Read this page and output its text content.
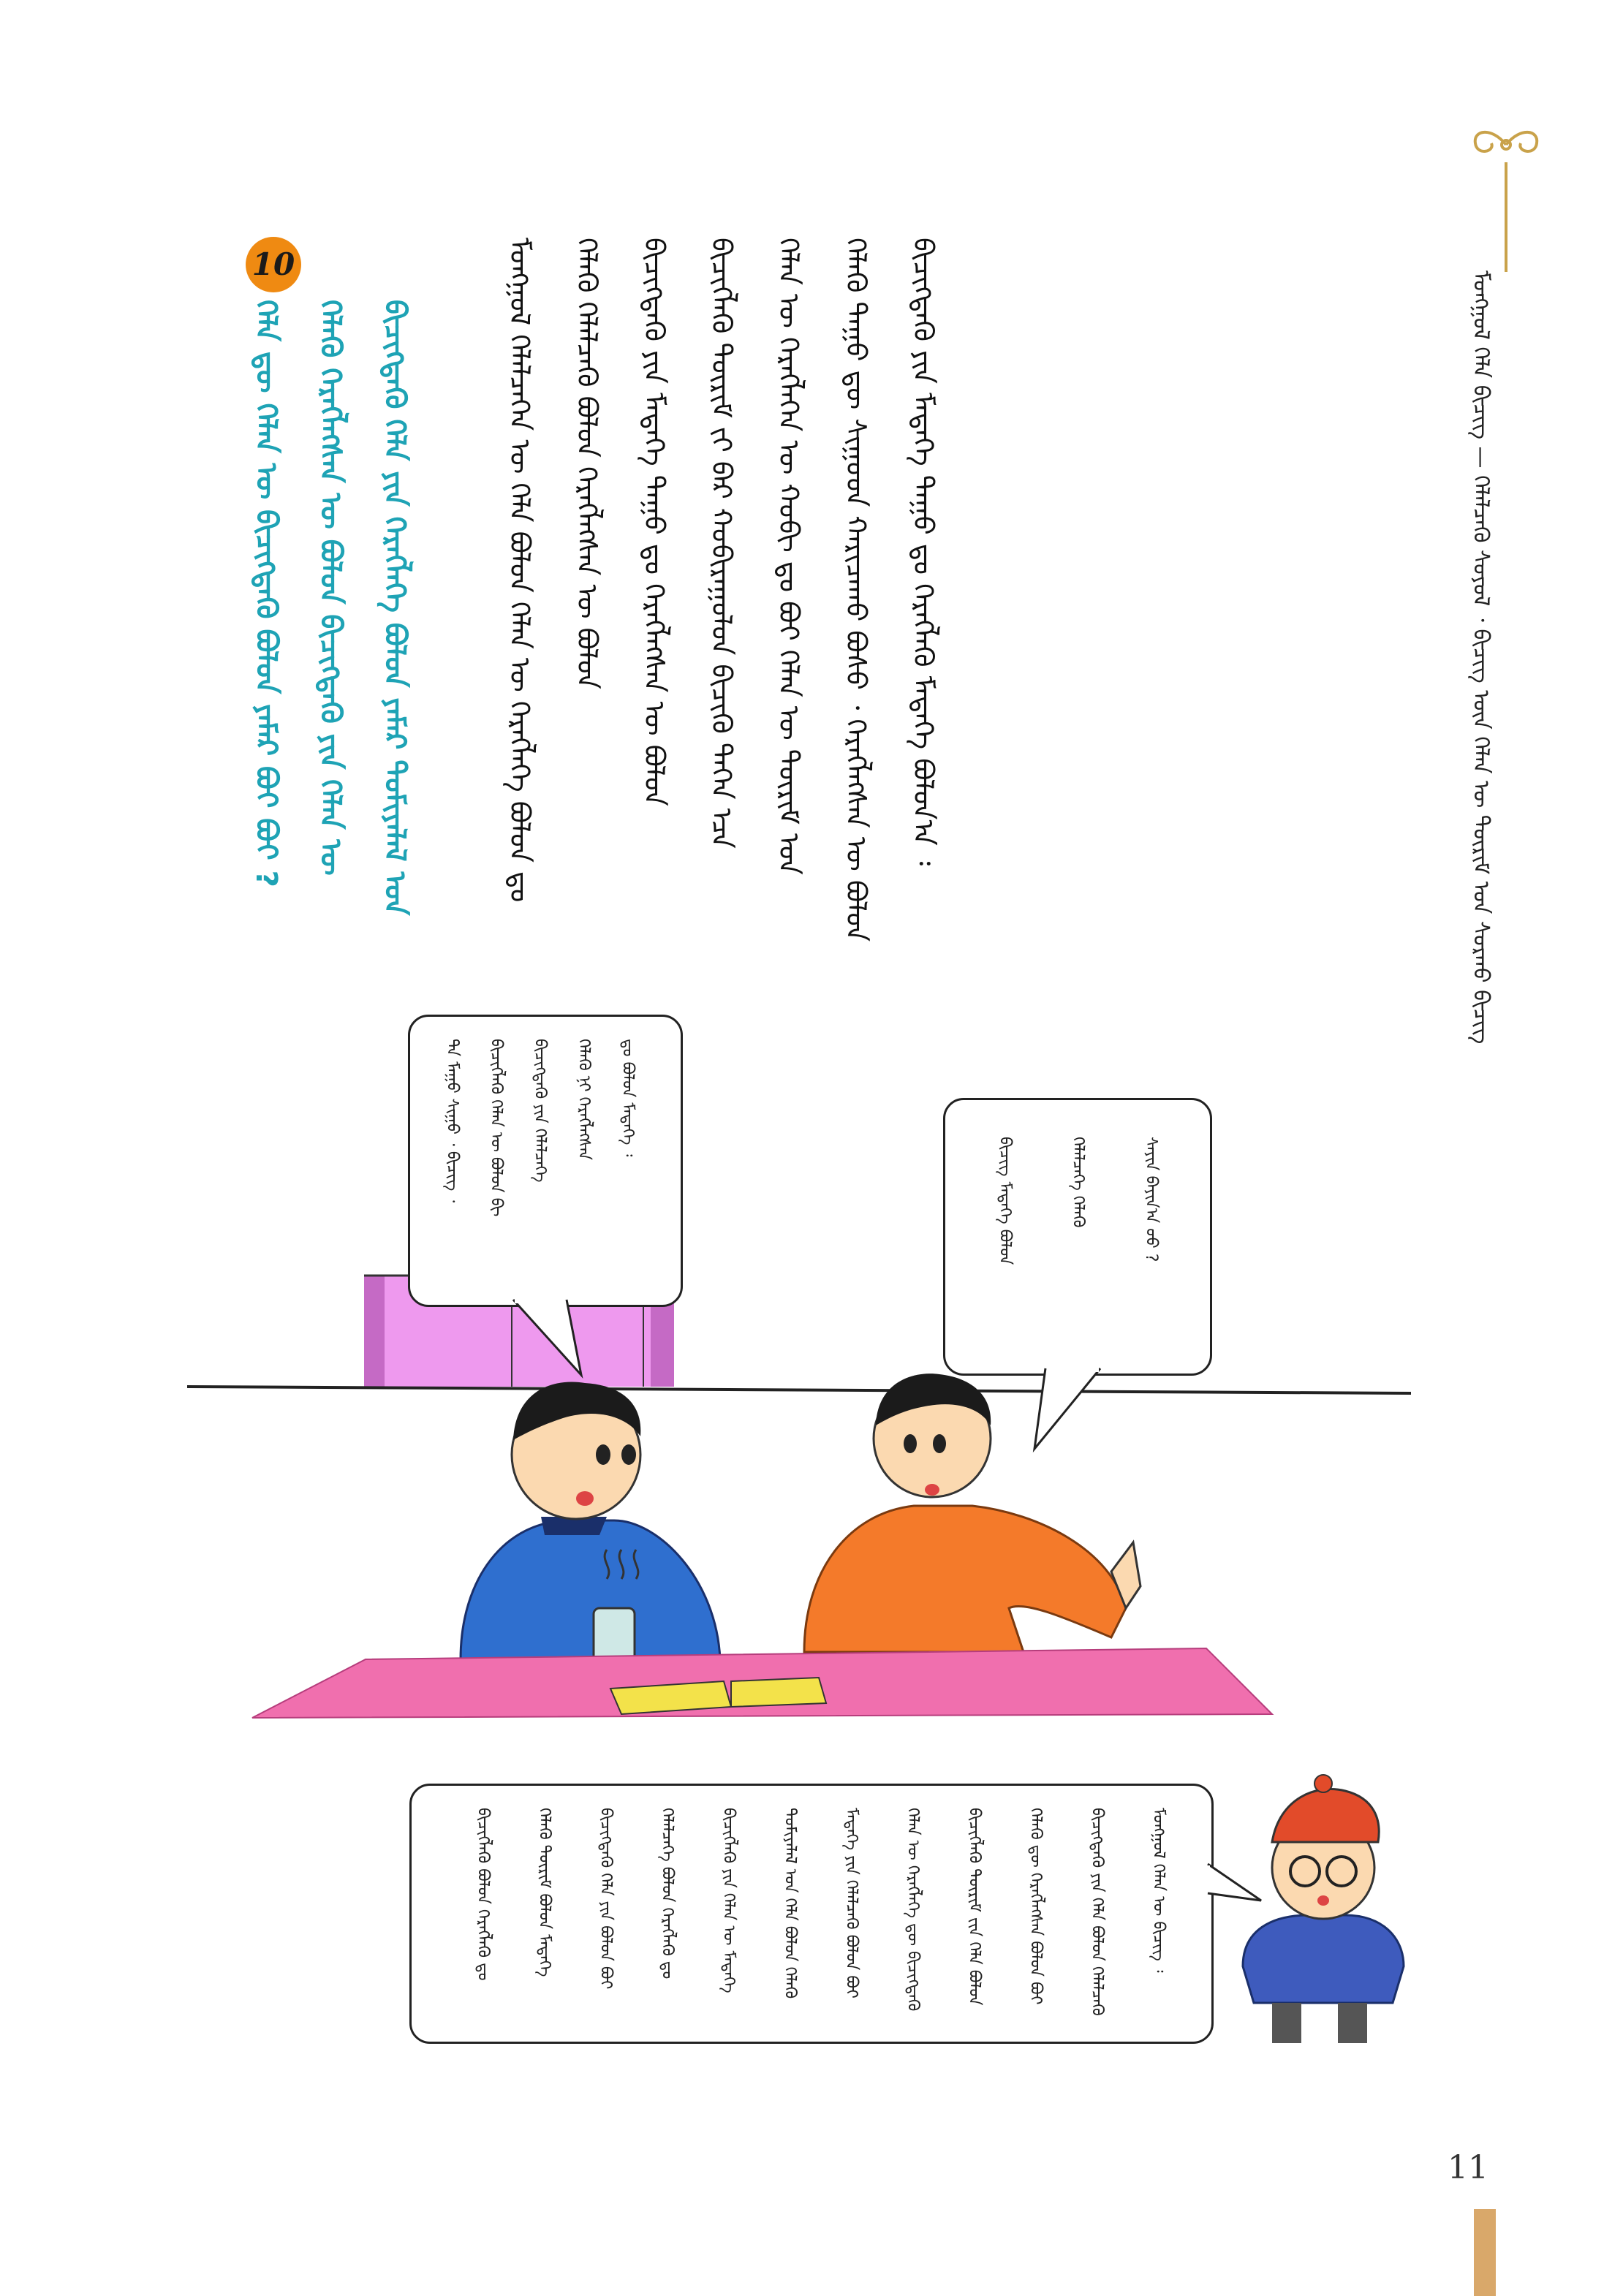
ᠮᠣᠩᠭᠣᠯ ᠬᠡᠯᠡ ᠪᠢᠴᠢᠭ — ᠬᠡᠯᠡᠯᠴᠡᠬᠦ ᠰᠣᠶᠣᠯ ᠂ ᠪᠢᠴᠢᠭ ᠦᠨ ᠬᠡᠯᠡᠨ ᠦ ᠳᠦᠷᠢᠮ ᠤᠨ ᠰᠤᠷᠬᠤ ᠪᠢᠴᠢᠭ
ᠪᠢᠴᠢᠭᠳᠡᠬᠦ ᠶᠢᠨ ᠮᠡᠳᠡᠭᠡ ᠳᠠᠭᠤ ᠳᠤ ᠬᠡᠷᠡᠭᠯᠡᠬᠦ ᠮᠡᠳᠡᠭᠡ ᠪᠤᠯᠤᠨ᠎ᠠ ᠄
ᠬᠡᠯᠡᠬᠦ ᠳᠠᠭᠤ ᠳᠦ ᠰᠢᠭᠤᠳ ᠬᠠᠷᠢᠴᠠᠬᠤ ᠪᠤᠰᠤ ᠂ ᠬᠡᠷᠡᠭᠯᠡᠭᠰᠡᠨ ᠦ ᠪᠤᠯᠤᠨ
ᠬᠡᠯᠡᠨ ᠦ ᠬᠡᠷᠡᠭᠯᠡᠭᠡᠨ ᠦ ᠬᠤᠪᠢ ᠳᠤ ᠪᠤᠢ ᠬᠡᠯᠡᠨ ᠦ ᠳᠦᠷᠢᠮ ᠤᠨ
ᠪᠢᠴᠢᠭᠯᠡᠬᠦ ᠳᠦᠷᠢᠮ ᠵᠢ ᠪᠡᠷ ᠬᠤᠪᠢᠷᠠᠭᠤᠯᠤᠨ ᠪᠢᠴᠢᠬᠦ ᠳᠡᠭᠡᠨ ᠡᠴᠡ
ᠪᠢᠴᠢᠭᠳᠡᠬᠦ ᠶᠢᠨ ᠮᠡᠳᠡᠭᠡ ᠳᠠᠭᠤ ᠳᠤ ᠬᠡᠷᠡᠭᠯᠡᠭᠰᠡᠨ ᠦ ᠪᠤᠯᠤᠨ
ᠬᠡᠯᠡᠬᠦ ᠬᠡᠯᠡᠯᠴᠡᠬᠦ ᠪᠤᠯᠤᠨ ᠬᠡᠷᠡᠭᠯᠡᠭᠰᠡᠨ ᠦ ᠪᠤᠯᠤᠨ
ᠮᠣᠩᠭᠣᠯ ᠬᠡᠯᠡᠯᠴᠡᠭᠡᠨ ᠦ ᠬᠡᠯᠡ ᠪᠤᠯᠤᠨ ᠬᠡᠯᠡᠨ ᠦ ᠬᠡᠷᠡᠭᠯᠡᠭᠡ ᠪᠤᠯᠤᠨ ᠳᠤ
10
ᠪᠢᠴᠢᠭᠳᠡᠬᠦ ᠬᠡᠯᠡ ᠶᠢᠨ ᠬᠡᠷᠡᠭᠯᠡᠭᠡ ᠪᠤᠯᠤᠨ ᠶᠠᠮᠠᠷ ᠲᠣᠮᠢᠶᠠᠯᠠᠯ ᠤᠨ
ᠬᠡᠯᠡᠬᠦ ᠬᠡᠷᠡᠭᠯᠡᠭᠰᠡᠨ ᠦ ᠪᠤᠯᠤᠨ ᠪᠢᠴᠢᠭᠳᠡᠬᠦ ᠶᠢᠨ ᠬᠡᠯᠡᠨ ᠦ
ᠬᠡᠯᠡ ᠳᠦ ᠬᠡᠯᠡᠨ ᠦ ᠪᠢᠴᠢᠭᠳᠡᠬᠦ ᠪᠤᠯᠤᠨ ᠶᠠᠮᠠᠷ ᠪᠤᠢ ᠪᠤᠢ ?
ᠲᠠ ᠮᠠᠭᠤ ᠰᠢᠭᠤ ᠂ ᠪᠢᠴᠢᠭ ᠂ ᠪᠢᠴᠢᠭᠯᠡᠬᠦ ᠬᠡᠯᠡᠨ ᠦ ᠪᠤᠯᠤᠨ ᠪᠢ ᠪᠢᠴᠢᠭᠳᠡᠬᠦ ᠶᠢᠨ ᠬᠡᠯᠡᠯᠴᠡᠭᠡ ᠬᠡᠯᠡᠬᠦ ᠨᠢ ᠬᠡᠷᠡᠭᠯᠡᠭᠰᠡᠨ ᠳᠤ ᠪᠤᠯᠤᠨ ᠮᠡᠳᠡᠭᠡ ᠄
ᠰᠠᠶᠢᠨ ᠪᠠᠶᠢᠨ᠎ᠠ ᠤᠤ ?
ᠬᠡᠯᠡᠯᠴᠡᠭᠡ ᠬᠡᠯᠡᠬᠦ
ᠪᠢᠴᠢᠭ ᠮᠡᠳᠡᠭᠡ ᠪᠤᠯᠤᠨ
ᠮᠣᠩᠭᠣᠯ ᠬᠡᠯᠡᠨ ᠦ ᠪᠢᠴᠢᠭ ᠄
ᠪᠢᠴᠢᠭᠳᠡᠬᠦ ᠶᠢᠨ ᠬᠡᠯᠡ ᠪᠤᠯᠤᠨ ᠬᠡᠯᠡᠯᠴᠡᠬᠦ
ᠬᠡᠯᠡᠬᠦ ᠳᠦ ᠬᠡᠷᠡᠭᠯᠡᠭᠰᠡᠨ ᠪᠤᠯᠤᠨ ᠪᠤᠢ
ᠪᠢᠴᠢᠭᠯᠡᠬᠦ ᠳᠦᠷᠢᠮ ᠵᠢᠨ ᠬᠡᠯᠡ ᠪᠤᠯᠤᠨ
ᠬᠡᠯᠡᠨ ᠦ ᠬᠡᠷᠡᠭᠯᠡᠭᠡ ᠳᠦ ᠪᠢᠴᠢᠭᠳᠡᠬᠦ
ᠮᠡᠳᠡᠭᠡ ᠶᠢᠨ ᠬᠡᠯᠡᠯᠴᠡᠬᠦ ᠪᠤᠯᠤᠨ ᠪᠤᠢ
ᠲᠣᠮᠢᠶᠠᠯᠠᠯ ᠤᠨ ᠬᠡᠯᠡ ᠪᠤᠯᠤᠨ ᠬᠡᠯᠡᠬᠦ
ᠪᠢᠴᠢᠭᠯᠡᠬᠦ ᠶᠢᠨ ᠬᠡᠯᠡᠨ ᠦ ᠮᠡᠳᠡᠭᠡ
ᠬᠡᠯᠡᠯᠴᠡᠭᠡ ᠪᠤᠯᠤᠨ ᠬᠡᠷᠡᠭᠯᠡᠬᠦ ᠳᠤ
ᠪᠢᠴᠢᠭᠳᠡᠬᠦ ᠬᠡᠯᠡ ᠶᠢᠨ ᠪᠤᠯᠤᠨ ᠪᠤᠢ
ᠬᠡᠯᠡᠬᠦ ᠳᠦᠷᠢᠮ ᠪᠤᠯᠤᠨ ᠮᠡᠳᠡᠭᠡ
ᠪᠢᠴᠢᠭᠯᠡᠬᠦ ᠪᠤᠯᠤᠨ ᠬᠡᠷᠡᠭᠯᠡᠬᠦ ᠳᠤ
11
